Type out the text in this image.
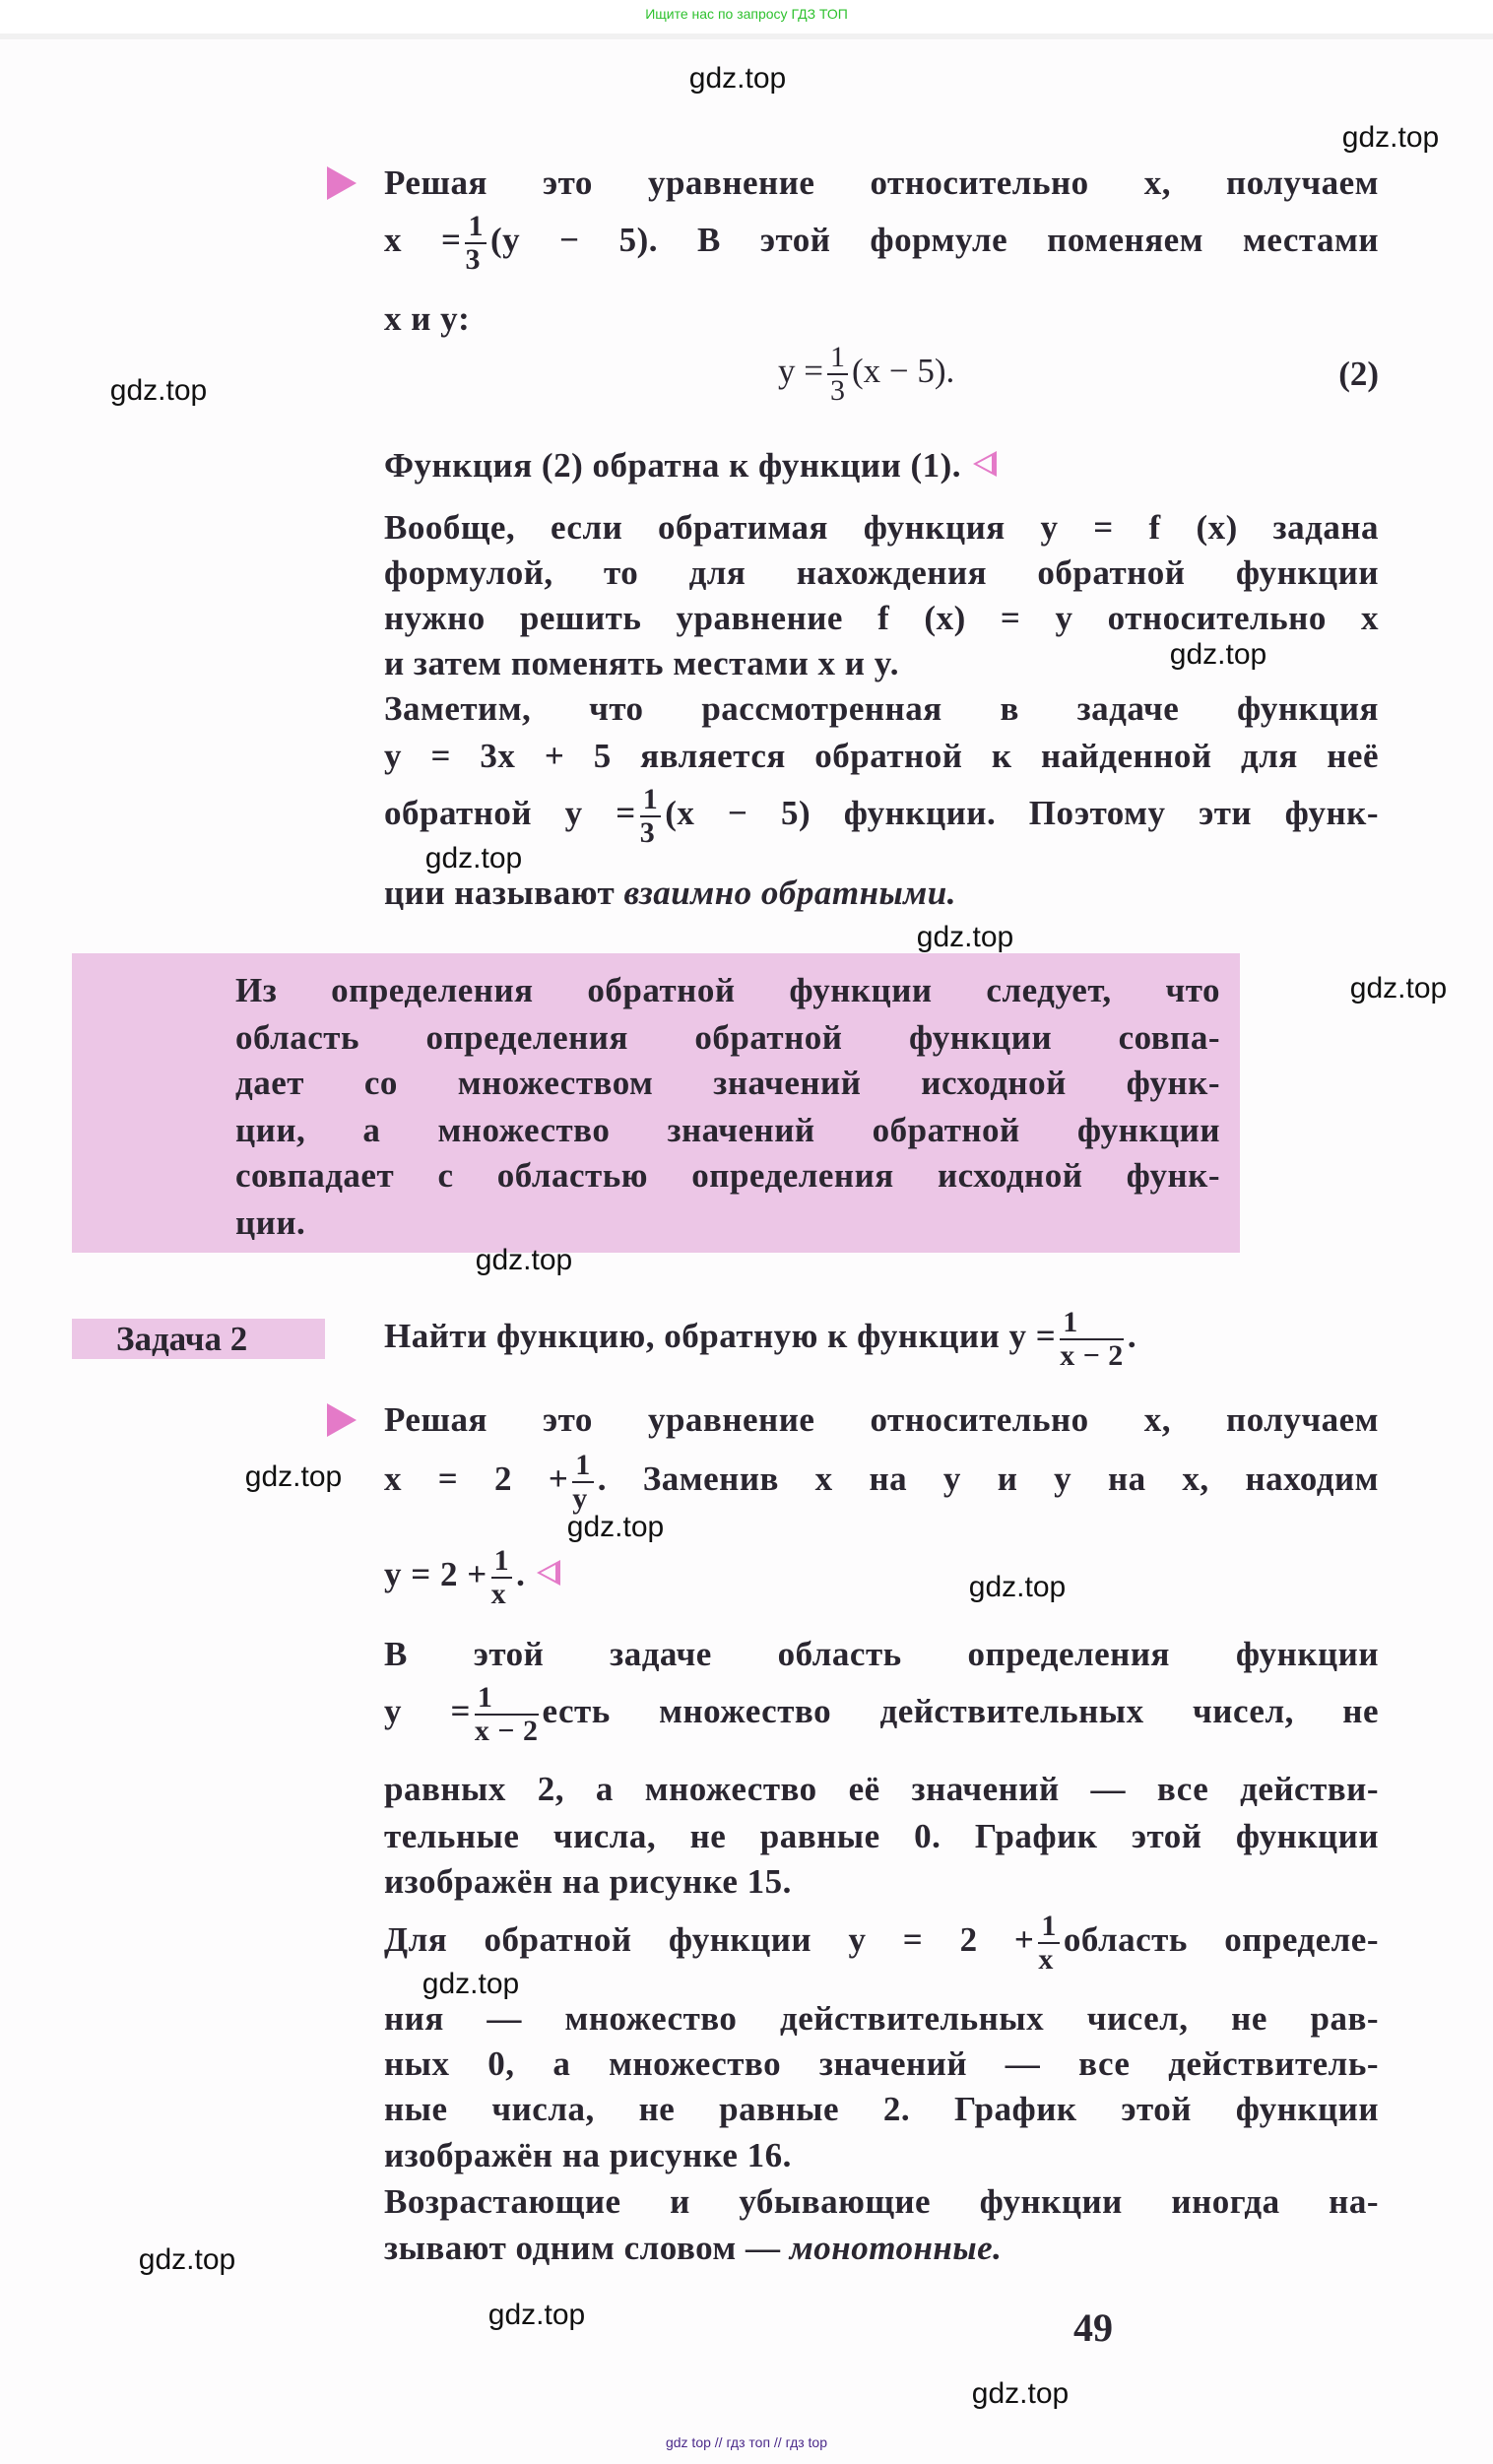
Ищите нас по запросу ГДЗ ТОП
Решая это уравнение относительно x, получаем
$x = \frac{1}{3} (y - 5)$. В этой формуле поменяем местами
x и y:
$y = \frac{1}{3} (x - 5)$.	(2)
Функция (2) обратна к функции (1).
Вообще, если обратимая функция y = f (x) задана
формулой, то для нахождения обратной функции
нужно решить уравнение f (x) = y относительно x
и затем поменять местами x и y.
Заметим, что рассмотренная в задаче функция
y = 3x + 5 является обратной к найденной для неё
обратной $y = \frac{1}{3} (x - 5)$ функции. Поэтому эти функ-
ции называют взаимно обратными.
Из определения обратной функции следует, что
область определения обратной функции совпа-
дает со множеством значений исходной функ-
ции, а множество значений обратной функции
совпадает с областью определения исходной функ-
ции.
Задача 2	Найти функцию, обратную к функции $y = \frac{1}{x - 2}$ .
Решая это уравнение относительно x, получаем
$x = 2 + \frac{1}{y}$ . Заменив x на y и y на x, находим
$y = 2 + \frac{1}{x}$ .
В этой задаче область определения функции
$y = \frac{1}{x - 2}$ есть множество действительных чисел, не
равных 2, а множество её значений — все действи-
тельные числа, не равные 0. График этой функции
изображён на рисунке 15.
Для обратной функции $y = 2 + \frac{1}{x}$ область определе-
ния — множество действительных чисел, не рав-
ных 0, а множество значений — все действитель-
ные числа, не равные 2. График этой функции
изображён на рисунке 16.
Возрастающие и убывающие функции иногда на-
зывают одним словом — монотонные.
49
gdz.top
gdz.top
gdz.top
gdz.top
gdz.top
gdz.top
gdz.top
gdz.top
gdz.top
gdz.top
gdz.top
gdz.top
gdz.top
gdz.top
gdz.top
gdz top // гдз топ // гдз top
